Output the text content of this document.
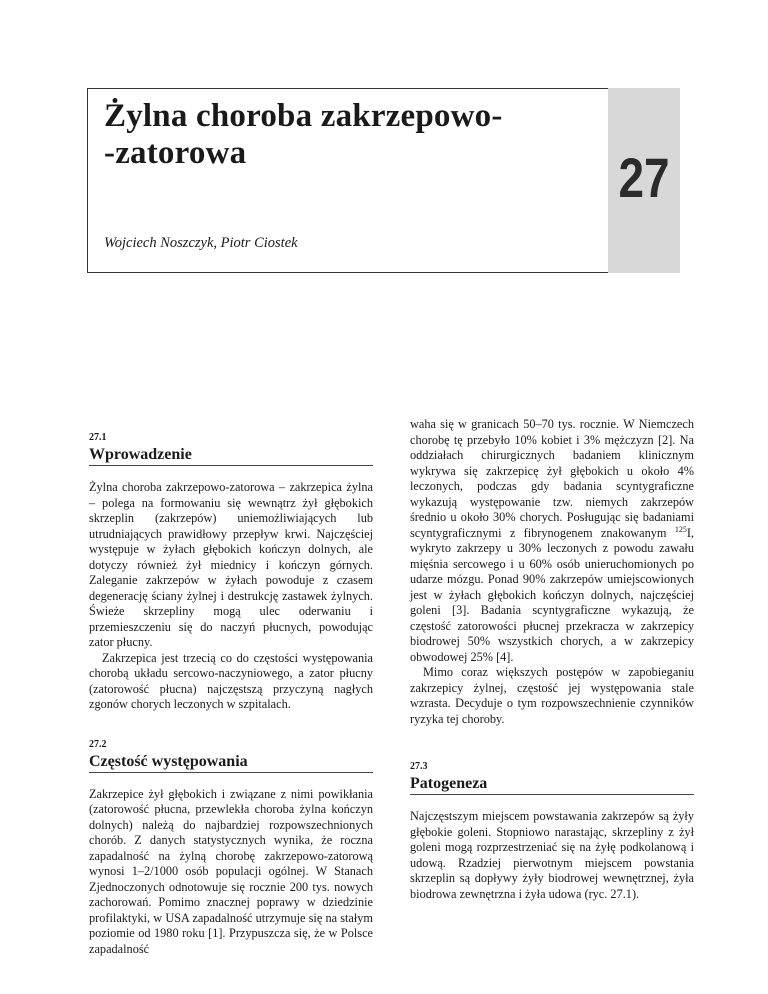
27
Żylna choroba zakrzepowo-
-zatorowa
Wojciech Noszczyk, Piotr Ciostek
27.1
Wprowadzenie

Żylna choroba zakrzepowo-zatorowa – zakrzepica żylna – polega na formowaniu się wewnątrz żył głębokich skrzeplin (zakrzepów) uniemożliwiających lub utrudniających prawidłowy przepływ krwi. Najczęściej występuje w żyłach głębokich kończyn dolnych, ale dotyczy również żył miednicy i kończyn górnych. Zaleganie zakrzepów w żyłach powoduje z czasem degenerację ściany żylnej i destrukcję zastawek żylnych. Świeże skrzepliny mogą ulec oderwaniu i przemieszczeniu się do naczyń płucnych, powodując zator płucny.

Zakrzepica jest trzecią co do częstości występowania chorobą układu sercowo-naczyniowego, a zator płucny (zatorowość płucna) najczęstszą przyczyną nagłych zgonów chorych leczonych w szpitalach.

27.2
Częstość występowania

Zakrzepice żył głębokich i związane z nimi powikłania (zatorowość płucna, przewlekła choroba żylna kończyn dolnych) należą do najbardziej rozpowszechnionych chorób. Z danych statystycznych wynika, że roczna zapadalność na żylną chorobę zakrzepowo-zatorową wynosi 1–2/1000 osób populacji ogólnej. W Stanach Zjednoczonych odnotowuje się rocznie 200 tys. nowych zachorowań. Pomimo znacznej poprawy w dziedzinie profilaktyki, w USA zapadalność utrzymuje się na stałym poziomie od 1980 roku [1]. Przypuszcza się, że w Polsce zapadalność

waha się w granicach 50–70 tys. rocznie. W Niemczech chorobę tę przebyło 10% kobiet i 3% mężczyzn [2]. Na oddziałach chirurgicznych badaniem klinicznym wykrywa się zakrzepicę żył głębokich u około 4% leczonych, podczas gdy badania scyntygraficzne wykazują występowanie tzw. niemych zakrzepów średnio u około 30% chorych. Posługując się badaniami scyntygraficznymi z fibrynogenem znakowanym $^{125}$I, wykryto zakrzepy u 30% leczonych z powodu zawału mięśnia sercowego i u 60% osób unieruchomionych po udarze mózgu. Ponad 90% zakrzepów umiejscowionych jest w żyłach głębokich kończyn dolnych, najczęściej goleni [3]. Badania scyntygraficzne wykazują, że częstość zatorowości płucnej przekracza w zakrzepicy biodrowej 50% wszystkich chorych, a w zakrzepicy obwodowej 25% [4].

Mimo coraz większych postępów w zapobieganiu zakrzepicy żylnej, częstość jej występowania stale wzrasta. Decyduje o tym rozpowszechnienie czynników ryzyka tej choroby.

27.3
Patogeneza

Najczęstszym miejscem powstawania zakrzepów są żyły głębokie goleni. Stopniowo narastając, skrzepliny z żył goleni mogą rozprzestrzeniać się na żyłę podkolanową i udową. Rzadziej pierwotnym miejscem powstania skrzeplin są dopływy żyły biodrowej wewnętrznej, żyła biodrowa zewnętrzna i żyła udowa (ryc. 27.1).
